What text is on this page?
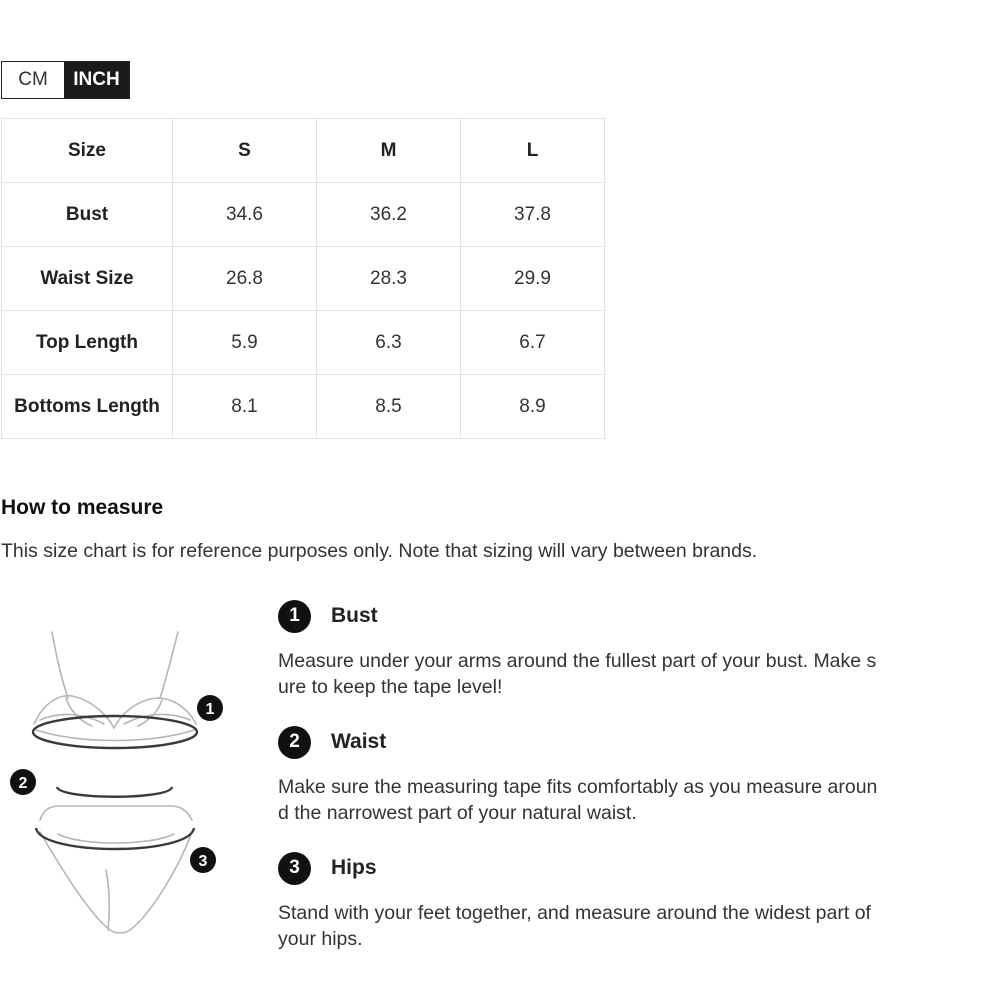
CM	INCH
Size	S	M	L
Bust	34.6	36.2	37.8
Waist Size	26.8	28.3	29.9
Top Length	5.9	6.3	6.7
Bottoms Length	8.1	8.5	8.9
How to measure
This size chart is for reference purposes only. Note that sizing will vary between brands.
1
2
3
1	Bust
Measure under your arms around the fullest part of your bust. Make s
ure to keep the tape level!
2	Waist
Make sure the measuring tape fits comfortably as you measure aroun
d the narrowest part of your natural waist.
3	Hips
Stand with your feet together, and measure around the widest part of
your hips.
